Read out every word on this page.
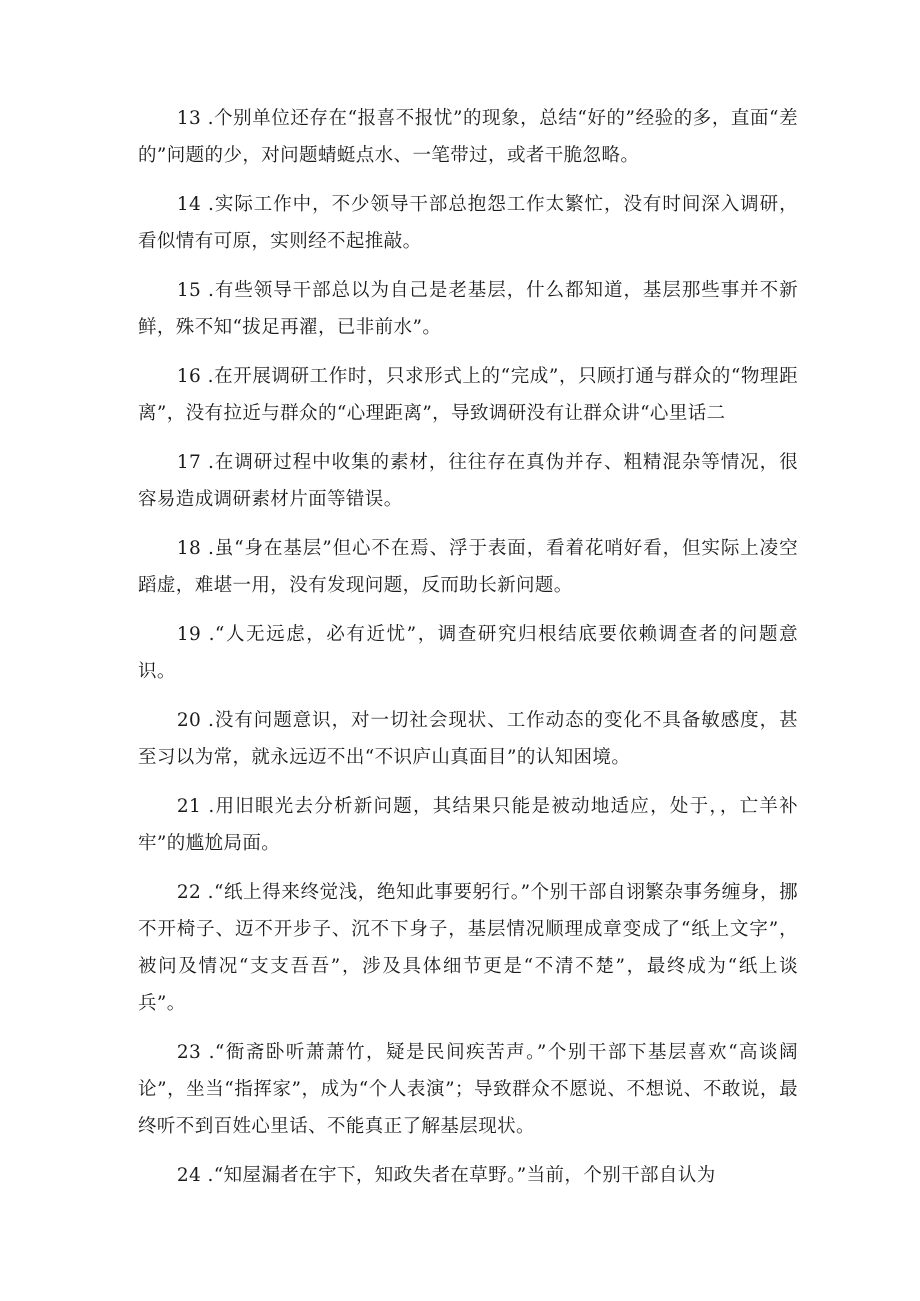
13 .个别单位还存在“报喜不报忧”的现象，总结“好的”经验的多，直面“差的”问题的少，对问题蜻蜓点水、一笔带过，或者干脆忽略。

14 .实际工作中，不少领导干部总抱怨工作太繁忙，没有时间深入调研，看似情有可原，实则经不起推敲。

15 .有些领导干部总以为自己是老基层，什么都知道，基层那些事并不新鲜，殊不知“拔足再濯，已非前水”。

16 .在开展调研工作时，只求形式上的“完成”，只顾打通与群众的“物理距离”，没有拉近与群众的“心理距离”，导致调研没有让群众讲“心里话二

17 .在调研过程中收集的素材，往往存在真伪并存、粗精混杂等情况，很容易造成调研素材片面等错误。

18 .虽“身在基层”但心不在焉、浮于表面，看着花哨好看，但实际上凌空蹈虚，难堪一用，没有发现问题，反而助长新问题。

19 .“人无远虑，必有近忧”，调查研究归根结底要依赖调查者的问题意识。

20 .没有问题意识，对一切社会现状、工作动态的变化不具备敏感度，甚至习以为常，就永远迈不出“不识庐山真面目”的认知困境。

21 .用旧眼光去分析新问题，其结果只能是被动地适应，处于，，亡羊补牢”的尴尬局面。

22 .“纸上得来终觉浅，绝知此事要躬行。”个别干部自诩繁杂事务缠身，挪不开椅子、迈不开步子、沉不下身子，基层情况顺理成章变成了“纸上文字”，被问及情况“支支吾吾”，涉及具体细节更是“不清不楚”，最终成为“纸上谈兵”。

23 .“衙斋卧听萧萧竹，疑是民间疾苦声。”个别干部下基层喜欢“高谈阔论”，坐当“指挥家”，成为“个人表演”；导致群众不愿说、不想说、不敢说，最终听不到百姓心里话、不能真正了解基层现状。

24 .“知屋漏者在宇下，知政失者在草野。”当前，个别干部自认为
